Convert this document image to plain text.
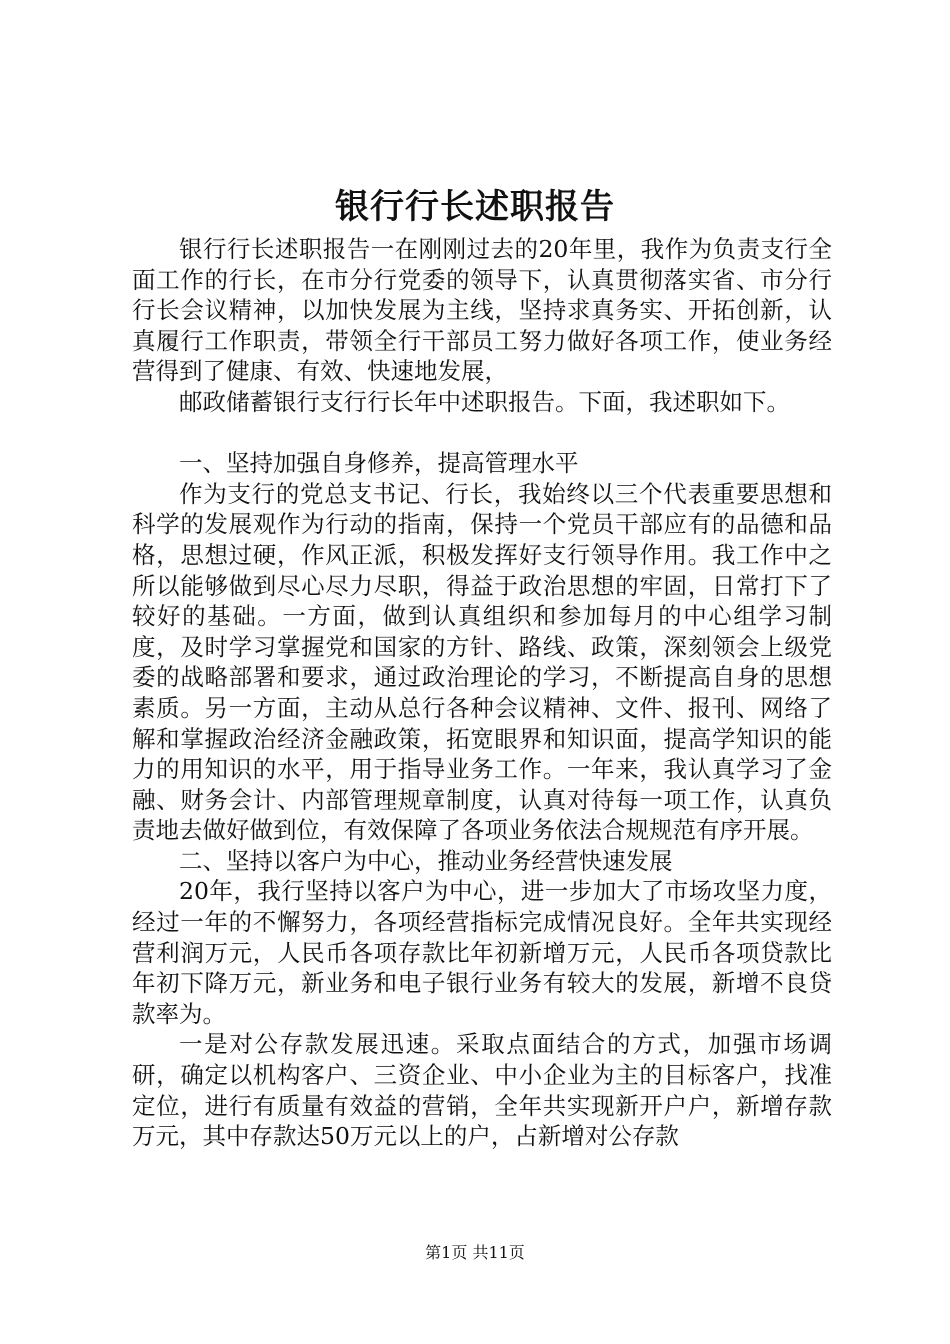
银行行长述职报告

银行行长述职报告一在刚刚过去的20年里，我作为负责支行全面工作的行长，在市分行党委的领导下，认真贯彻落实省、市分行行长会议精神，以加快发展为主线，坚持求真务实、开拓创新，认真履行工作职责，带领全行干部员工努力做好各项工作，使业务经营得到了健康、有效、快速地发展，

邮政储蓄银行支行行长年中述职报告。下面，我述职如下。

一、坚持加强自身修养，提高管理水平

作为支行的党总支书记、行长，我始终以三个代表重要思想和科学的发展观作为行动的指南，保持一个党员干部应有的品德和品格，思想过硬，作风正派，积极发挥好支行领导作用。我工作中之所以能够做到尽心尽力尽职，得益于政治思想的牢固，日常打下了较好的基础。一方面，做到认真组织和参加每月的中心组学习制度，及时学习掌握党和国家的方针、路线、政策，深刻领会上级党委的战略部署和要求，通过政治理论的学习，不断提高自身的思想素质。另一方面，主动从总行各种会议精神、文件、报刊、网络了解和掌握政治经济金融政策，拓宽眼界和知识面，提高学知识的能力的用知识的水平，用于指导业务工作。一年来，我认真学习了金融、财务会计、内部管理规章制度，认真对待每一项工作，认真负责地去做好做到位，有效保障了各项业务依法合规规范有序开展。

二、坚持以客户为中心，推动业务经营快速发展

20年，我行坚持以客户为中心，进一步加大了市场攻坚力度，经过一年的不懈努力，各项经营指标完成情况良好。全年共实现经营利润万元，人民币各项存款比年初新增万元，人民币各项贷款比年初下降万元，新业务和电子银行业务有较大的发展，新增不良贷款率为。

一是对公存款发展迅速。采取点面结合的方式，加强市场调研，确定以机构客户、三资企业、中小企业为主的目标客户，找准定位，进行有质量有效益的营销，全年共实现新开户户，新增存款万元，其中存款达50万元以上的户，占新增对公存款

第1页 共11页
